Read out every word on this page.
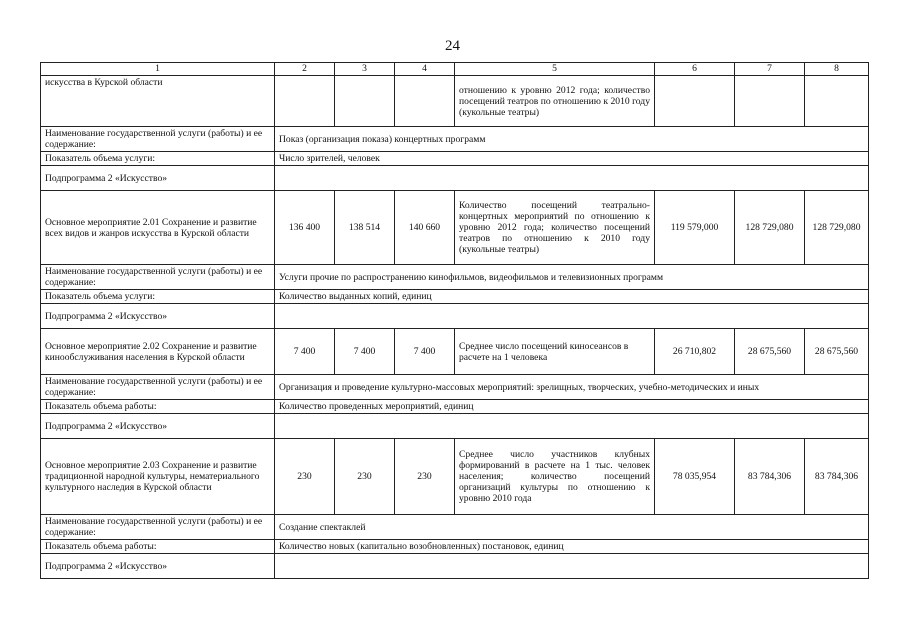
24
1	2	3	4	5	6	7	8
искусства в Курской области				отношению к уровню 2012 года; количество посещений театров по отношению к 2010 году (кукольные театры)			
Наименование государственной услуги (работы) и ее содержание:	Показ (организация показа) концертных программ						
Показатель объема услуги:	Число зрителей, человек						
Подпрограмма 2 «Искусство»							
Основное мероприятие 2.01 Сохранение и развитие всех видов и жанров искусства в Курской области	136 400	138 514	140 660	Количество посещений театрально-концертных мероприятий по отношению к уровню 2012 года; количество посещений театров по отношению к 2010 году (кукольные театры)	119 579,000	128 729,080	128 729,080
Наименование государственной услуги (работы) и ее содержание:	Услуги прочие по распространению кинофильмов, видеофильмов и телевизионных программ						
Показатель объема услуги:	Количество выданных копий, единиц						
Подпрограмма 2 «Искусство»							
Основное мероприятие 2.02 Сохранение и развитие кинообслуживания населения в Курской области	7 400	7 400	7 400	Среднее число посещений киносеансов в расчете на 1 человека	26 710,802	28 675,560	28 675,560
Наименование государственной услуги (работы) и ее содержание:	Организация и проведение культурно-массовых мероприятий: зрелищных, творческих, учебно-методических и иных						
Показатель объема работы:	Количество проведенных мероприятий, единиц						
Подпрограмма 2 «Искусство»							
Основное мероприятие 2.03 Сохранение и развитие традиционной народной культуры, нематериального культурного наследия в Курской области	230	230	230	Среднее число участников клубных формирований в расчете на 1 тыс. человек населения; количество посещений организаций культуры по отношению к уровню 2010 года	78 035,954	83 784,306	83 784,306
Наименование государственной услуги (работы) и ее содержание:	Создание спектаклей						
Показатель объема работы:	Количество новых (капитально возобновленных) постановок, единиц						
Подпрограмма 2 «Искусство»							
